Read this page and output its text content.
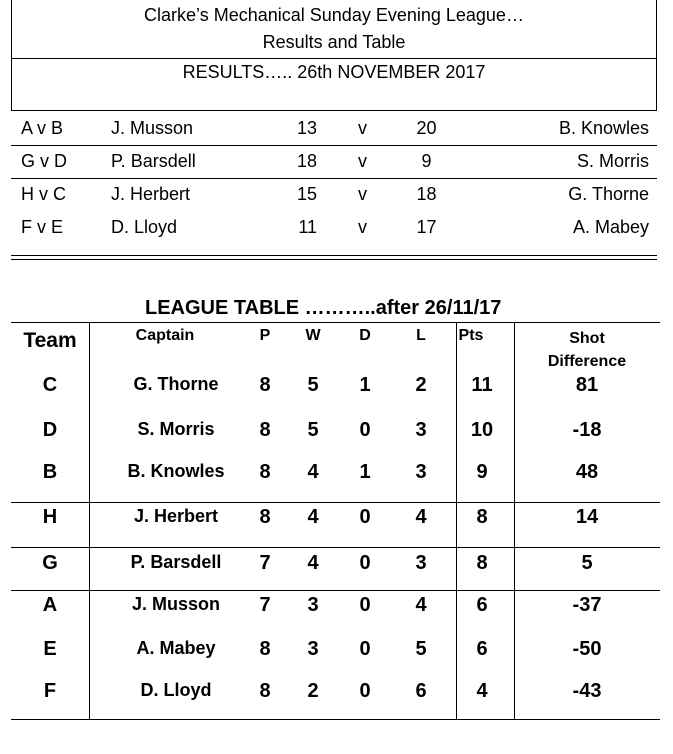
Clarke’s Mechanical Sunday Evening League…
Results and Table
RESULTS….. 26th NOVEMBER 2017
A v B	J. Musson	13 v	20	B. Knowles
G v D P. Barsdell	18 v	9	S. Morris
H v C	J. Herbert	15 v	18	G. Thorne
F v E	D. Lloyd	11 v	17	A. Mabey
LEAGUE TABLE ………..after 26/11/17
Team	Captain	P	W	D	L	Pts	Shot
Difference
C	G. Thorne	8	5	1	2	11	81
D	S. Morris	8	5	0	3	10	-18
B	B. Knowles	8	4	1	3	9	48
H	J. Herbert	8	4	0	4	8	14
G	P. Barsdell	7	4	0	3	8	5
A	J. Musson	7	3	0	4	6	-37
E	A. Mabey	8	3	0	5	6	-50
F	D. Lloyd	8	2	0	6	4	-43
